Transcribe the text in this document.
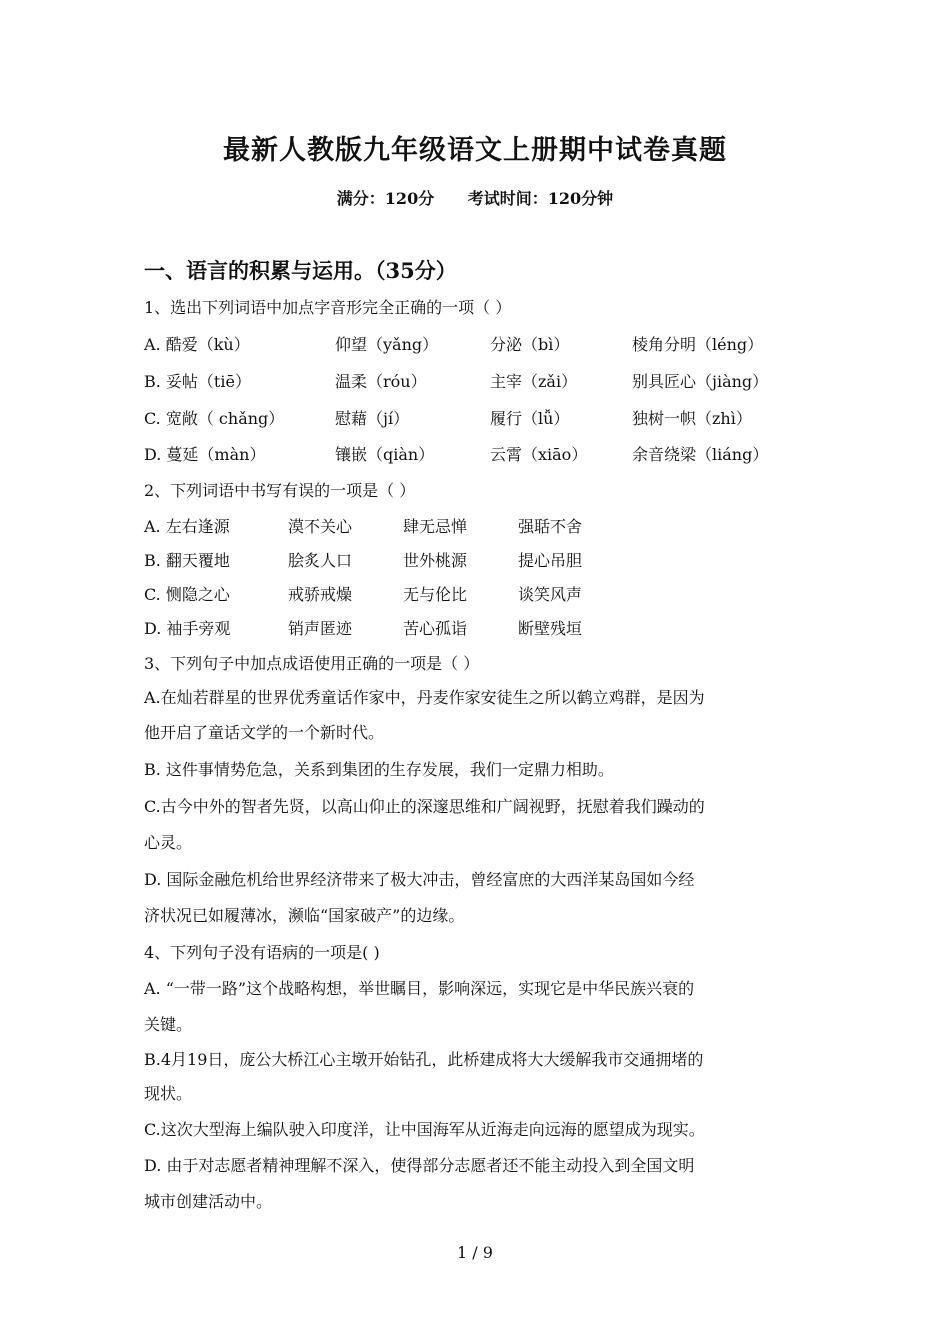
最新人教版九年级语文上册期中试卷真题
满分：120分 考试时间：120分钟
一、语言的积累与运用。（35分）
1、选出下列词语中加点字音形完全正确的一项（ ）
A. 酷爱（kù）	仰望（yǎng）	分泌（bì）	棱角分明（léng）
B. 妥帖（tiē）	温柔（róu）	主宰（zǎi）	别具匠心（jiàng）
C. 宽敞（ chǎng）	慰藉（jí）	履行（lǚ）	独树一帜（zhì）
D. 蔓延（màn）	镶嵌（qiàn）	云霄（xiāo）	余音绕梁（liáng）
2、下列词语中书写有误的一项是（ ）
A. 左右逢源	漠不关心	肆无忌惮	强聒不舍
B. 翻天覆地	脍炙人口	世外桃源	提心吊胆
C. 恻隐之心	戒骄戒燥	无与伦比	谈笑风声
D. 袖手旁观	销声匿迹	苦心孤诣	断壁残垣
3、下列句子中加点成语使用正确的一项是（ ）
A.在灿若群星的世界优秀童话作家中，丹麦作家安徒生之所以鹤立鸡群，是因为
他开启了童话文学的一个新时代。
B. 这件事情势危急，关系到集团的生存发展，我们一定鼎力相助。
C.古今中外的智者先贤，以高山仰止的深邃思维和广阔视野，抚慰着我们躁动的
心灵。
D. 国际金融危机给世界经济带来了极大冲击，曾经富庶的大西洋某岛国如今经
济状况已如履薄冰，濒临“国家破产”的边缘。
4、下列句子没有语病的一项是( )
A. “一带一路”这个战略构想，举世瞩目，影响深远，实现它是中华民族兴衰的
关键。
B.4月19日，庞公大桥江心主墩开始钻孔，此桥建成将大大缓解我市交通拥堵的
现状。
C.这次大型海上编队驶入印度洋，让中国海军从近海走向远海的愿望成为现实。
D. 由于对志愿者精神理解不深入，使得部分志愿者还不能主动投入到全国文明
城市创建活动中。
1 / 9
